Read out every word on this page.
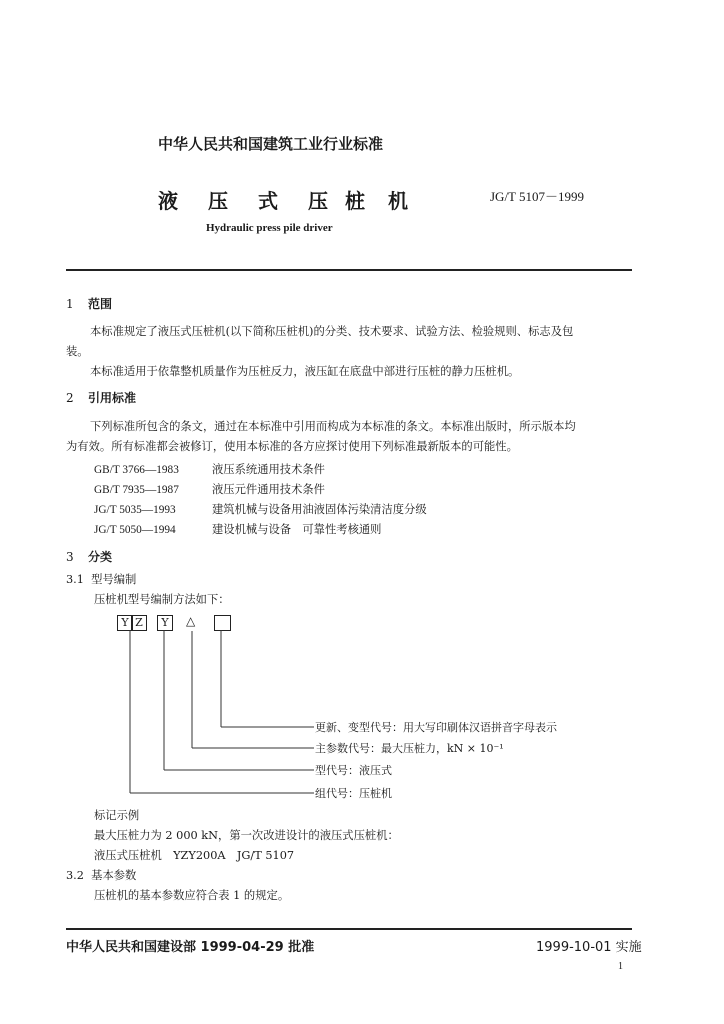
中华人民共和国建筑工业行业标准
液 压 式 压 桩 机	JG/T 5107－1999
Hydraulic press pile driver
1 范围
本标准规定了液压式压桩机(以下简称压桩机)的分类、技术要求、试验方法、检验规则、标志及包
装。
本标准适用于依靠整机质量作为压桩反力，液压缸在底盘中部进行压桩的静力压桩机。
2 引用标准
下列标准所包含的条文，通过在本标准中引用而构成为本标准的条文。本标准出版时，所示版本均
为有效。所有标准都会被修订，使用本标准的各方应探讨使用下列标准最新版本的可能性。
GB/T 3766—1983	液压系统通用技术条件
GB/T 7935—1987	液压元件通用技术条件
JG/T 5035—1993	建筑机械与设备用油液固体污染清洁度分级
JG/T 5050—1994	建设机械与设备　可靠性考核通则
3 分类
3.1 型号编制
压桩机型号编制方法如下：
Y Z	Y	△
更新、变型代号：用大写印刷体汉语拼音字母表示
主参数代号：最大压桩力，kN × 10⁻¹
型代号：液压式
组代号：压桩机
标记示例
最大压桩力为 2 000 kN，第一次改进设计的液压式压桩机：
液压式压桩机　YZY200A　JG/T 5107
3.2 基本参数
压桩机的基本参数应符合表 1 的规定。
中华人民共和国建设部 1999-04-29 批准	1999-10-01 实施
1
